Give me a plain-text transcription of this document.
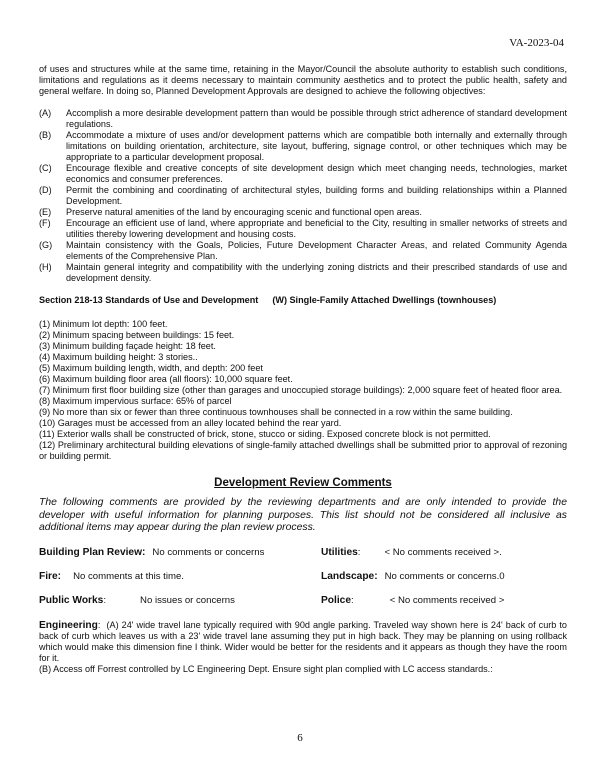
VA-2023-04

of uses and structures while at the same time, retaining in the Mayor/Council the absolute authority to establish such conditions, limitations and regulations as it deems necessary to maintain community aesthetics and to protect the public health, safety and general welfare. In doing so, Planned Development Approvals are designed to achieve the following objectives:

(A)	Accomplish a more desirable development pattern than would be possible through strict adherence of standard development regulations.
(B)	Accommodate a mixture of uses and/or development patterns which are compatible both internally and externally through limitations on building orientation, architecture, site layout, buffering, signage control, or other techniques which may be appropriate to a particular development proposal.
(C)	Encourage flexible and creative concepts of site development design which meet changing needs, technologies, market economics and consumer preferences.
(D)	Permit the combining and coordinating of architectural styles, building forms and building relationships within a Planned Development.
(E)	Preserve natural amenities of the land by encouraging scenic and functional open areas.
(F)	Encourage an efficient use of land, where appropriate and beneficial to the City, resulting in smaller networks of streets and utilities thereby lowering development and housing costs.
(G)	Maintain consistency with the Goals, Policies, Future Development Character Areas, and related Community Agenda elements of the Comprehensive Plan.
(H)	Maintain general integrity and compatibility with the underlying zoning districts and their prescribed standards of use and development density.
Section 218-13 Standards of Use and Development (W) Single-Family Attached Dwellings (townhouses)
(1) Minimum lot depth: 100 feet.
(2) Minimum spacing between buildings: 15 feet.
(3) Minimum building façade height: 18 feet.
(4) Maximum building height: 3 stories..
(5) Maximum building length, width, and depth: 200 feet
(6) Maximum building floor area (all floors): 10,000 square feet.
(7) Minimum first floor building size (other than garages and unoccupied storage buildings): 2,000 square feet of heated floor area.
(8) Maximum impervious surface: 65% of parcel
(9) No more than six or fewer than three continuous townhouses shall be connected in a row within the same building.
(10) Garages must be accessed from an alley located behind the rear yard.
(11) Exterior walls shall be constructed of brick, stone, stucco or siding. Exposed concrete block is not permitted.
(12) Preliminary architectural building elevations of single-family attached dwellings shall be submitted prior to approval of rezoning or building permit.
Development Review Comments
The following comments are provided by the reviewing departments and are only intended to provide the developer with useful information for planning purposes. This list should not be considered all inclusive as additional items may appear during the plan review process.
Building Plan Review: No comments or concerns	Utilities :	< No comments received >.
Fire: No comments at this time.	Landscape: No comments or concerns.0
Public Works :	No issues or concerns	Police :	< No comments received >
Engineering: (A) 24' wide travel lane typically required with 90d angle parking. Traveled way shown here is 24' back of curb to back of curb which leaves us with a 23' wide travel lane assuming they put in high back. They may be planning on using rollback which would make this dimension fine I think. Wider would be better for the residents and it appears as though they have the room for it.
(B) Access off Forrest controlled by LC Engineering Dept. Ensure sight plan complied with LC access standards.:
6
